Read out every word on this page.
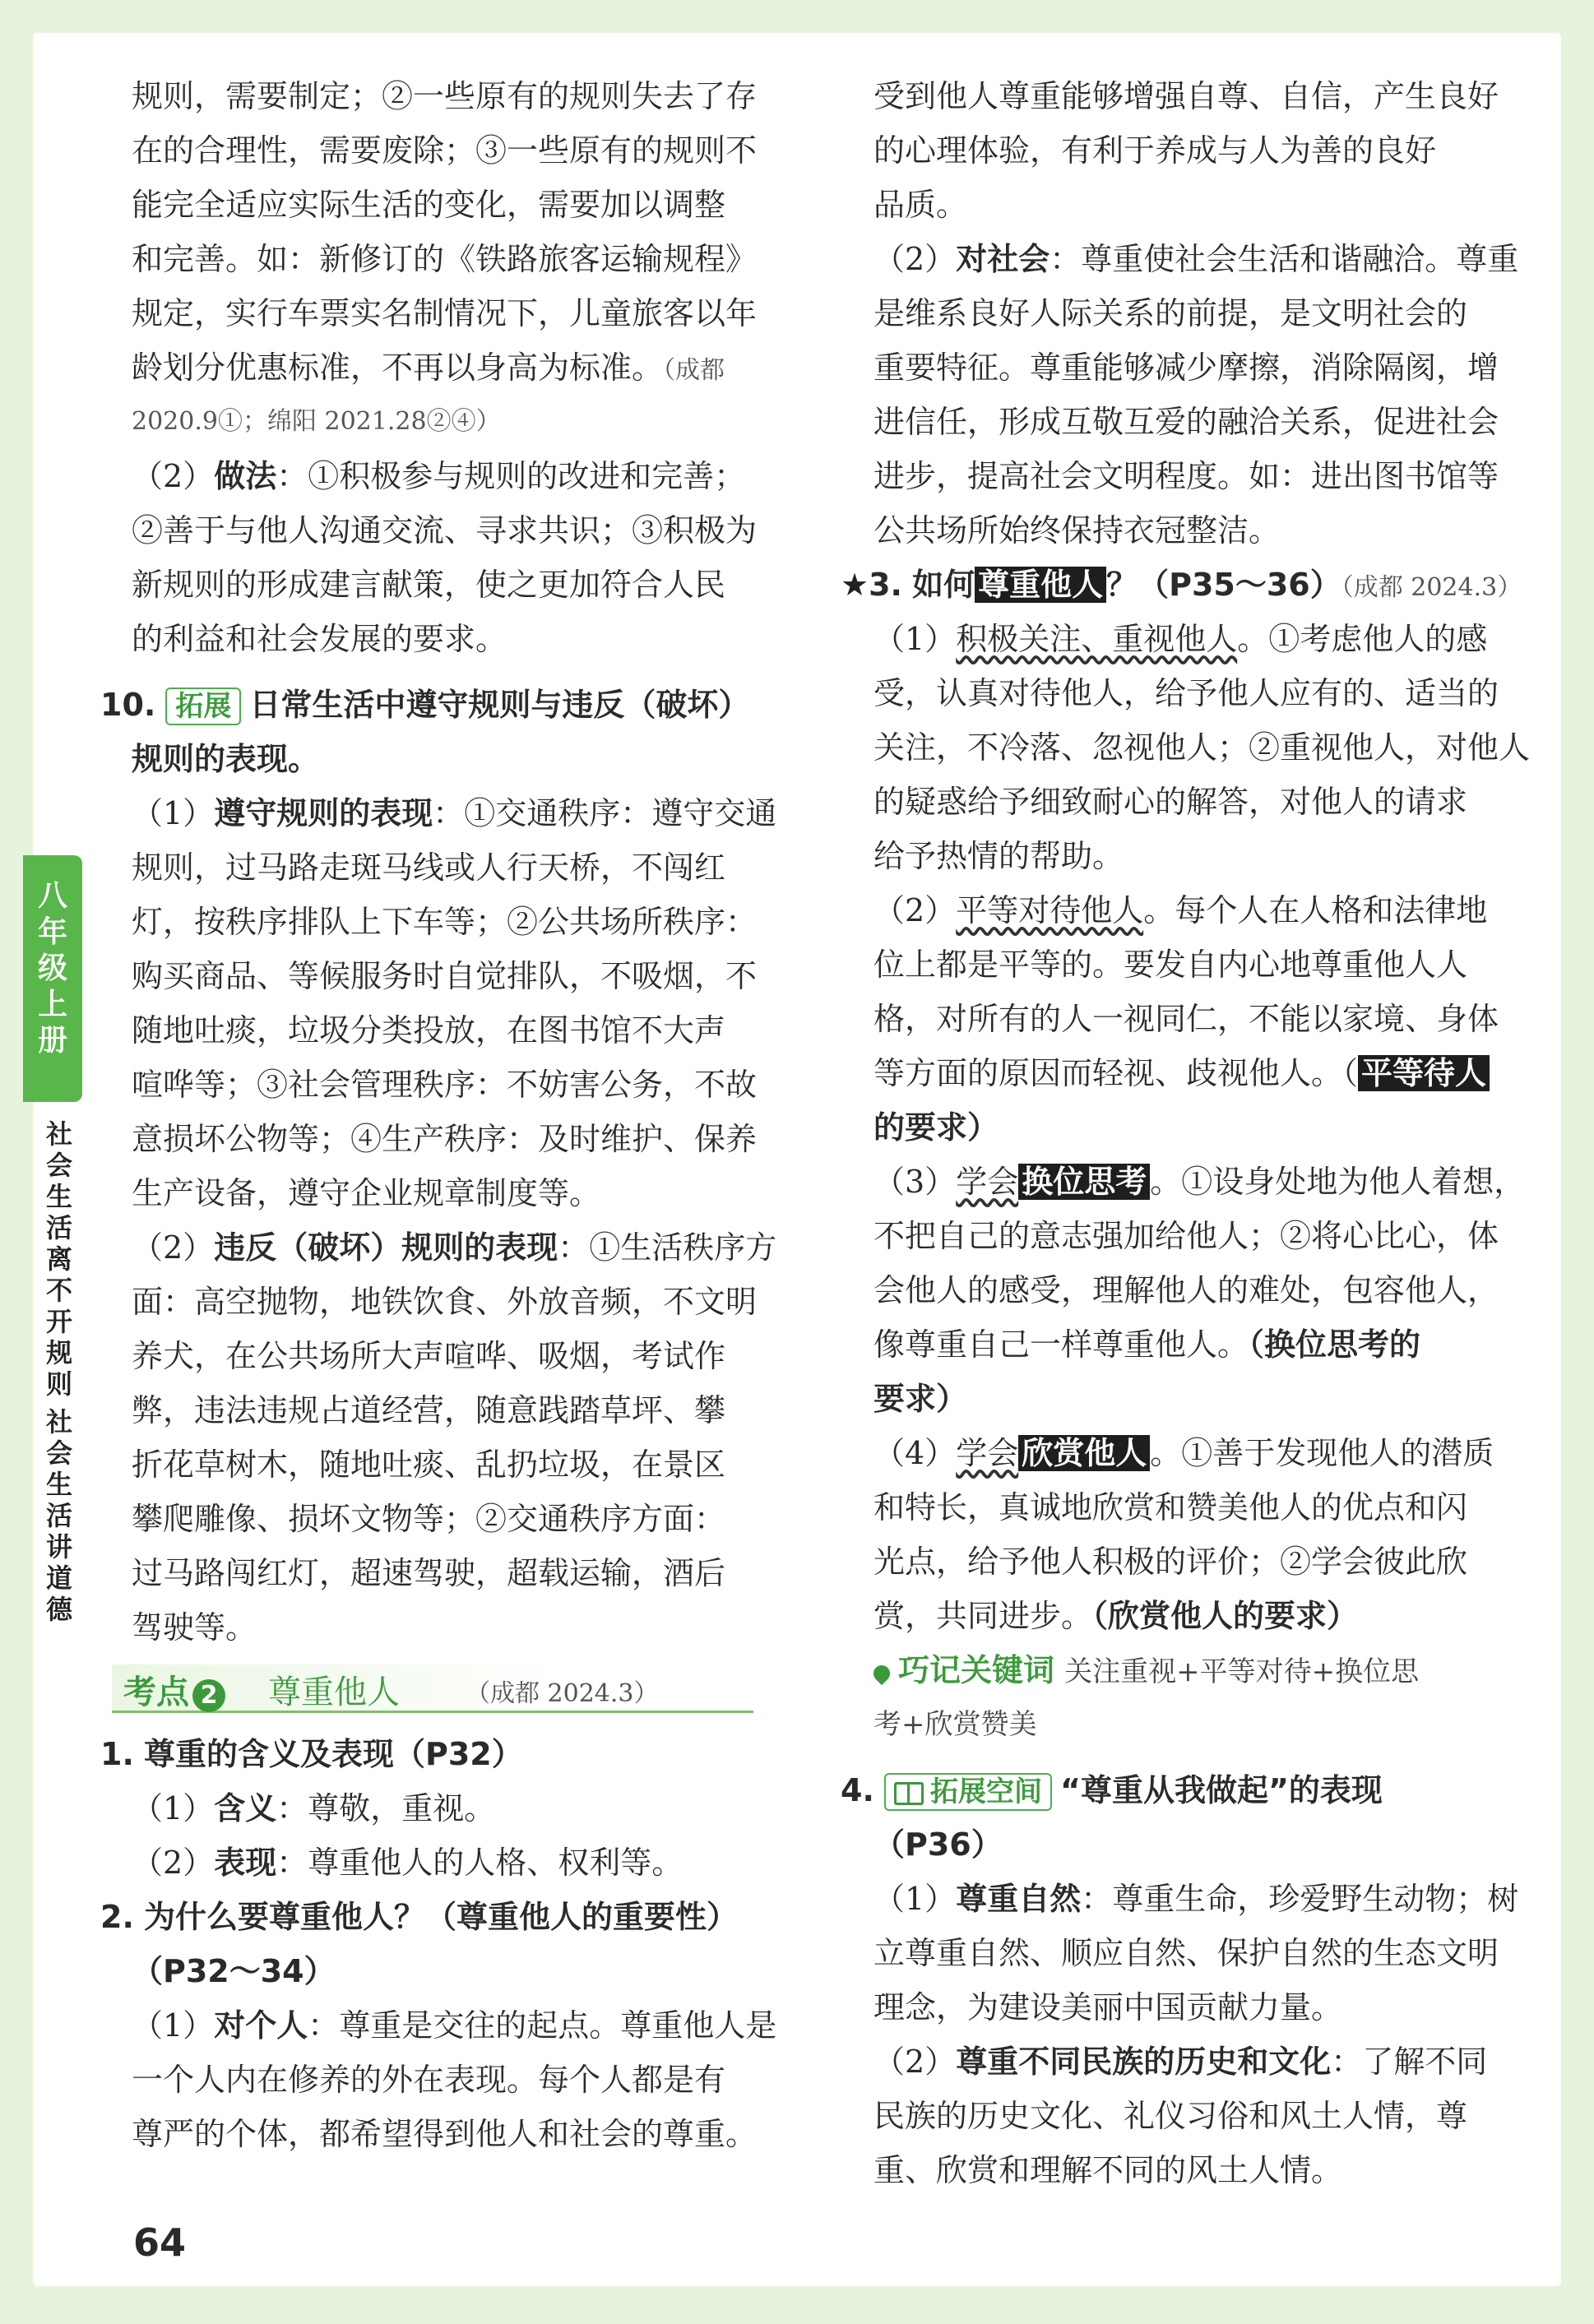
八年级上册
社会生活离不开规则
社会生活讲道德
规则，需要制定；②一些原有的规则失去了存
在的合理性，需要废除；③一些原有的规则不
能完全适应实际生活的变化，需要加以调整
和完善。如：新修订的《铁路旅客运输规程》
规定，实行车票实名制情况下，儿童旅客以年
龄划分优惠标准，不再以身高为标准。（成都
2020.9①；绵阳 2021.28②④）
（2）做法：①积极参与规则的改进和完善；
②善于与他人沟通交流、寻求共识；③积极为
新规则的形成建言献策，使之更加符合人民
的利益和社会发展的要求。
10. 拓展 日常生活中遵守规则与违反（破坏）
规则的表现。
（1）遵守规则的表现：①交通秩序：遵守交通
规则，过马路走斑马线或人行天桥，不闯红
灯，按秩序排队上下车等；②公共场所秩序：
购买商品、等候服务时自觉排队，不吸烟，不
随地吐痰，垃圾分类投放，在图书馆不大声
喧哗等；③社会管理秩序：不妨害公务，不故
意损坏公物等；④生产秩序：及时维护、保养
生产设备，遵守企业规章制度等。
（2）违反（破坏）规则的表现：①生活秩序方
面：高空抛物，地铁饮食、外放音频，不文明
养犬，在公共场所大声喧哗、吸烟，考试作
弊，违法违规占道经营，随意践踏草坪、攀
折花草树木，随地吐痰、乱扔垃圾，在景区
攀爬雕像、损坏文物等；②交通秩序方面：
过马路闯红灯，超速驾驶，超载运输，酒后
驾驶等。
考点 2 尊重他人	（成都 2024.3）
1. 尊重的含义及表现（P32）
（1）含义：尊敬，重视。
（2）表现：尊重他人的人格、权利等。
2. 为什么要尊重他人？（尊重他人的重要性）
（P32～34）
（1）对个人：尊重是交往的起点。尊重他人是
一个人内在修养的外在表现。每个人都是有
尊严的个体，都希望得到他人和社会的尊重。
受到他人尊重能够增强自尊、自信，产生良好
的心理体验，有利于养成与人为善的良好
品质。
（2）对社会：尊重使社会生活和谐融洽。尊重
是维系良好人际关系的前提，是文明社会的
重要特征。尊重能够减少摩擦，消除隔阂，增
进信任，形成互敬互爱的融洽关系，促进社会
进步，提高社会文明程度。如：进出图书馆等
公共场所始终保持衣冠整洁。
★3. 如何 尊重他人 ？（P35～36）（成都 2024.3）
（1）积极关注、重视他人。①考虑他人的感
受，认真对待他人，给予他人应有的、适当的
关注，不冷落、忽视他人；②重视他人，对他人
的疑惑给予细致耐心的解答，对他人的请求
给予热情的帮助。
（2）平等对待他人。每个人在人格和法律地
位上都是平等的。要发自内心地尊重他人人
格，对所有的人一视同仁，不能以家境、身体
等方面的原因而轻视、歧视他人。（ 平等待人
的要求）
（3）学会 换位思考 。①设身处地为他人着想，
不把自己的意志强加给他人；②将心比心，体
会他人的感受，理解他人的难处，包容他人，
像尊重自己一样尊重他人。（换位思考的
要求）
（4）学会 欣赏他人 。①善于发现他人的潜质
和特长，真诚地欣赏和赞美他人的优点和闪
光点，给予他人积极的评价；②学会彼此欣
赏，共同进步。（欣赏他人的要求）
巧记关键词 关注重视+平等对待+换位思
考+欣赏赞美
4. 拓展空间 “尊重从我做起”的表现
（P36）
（1）尊重自然：尊重生命，珍爱野生动物；树
立尊重自然、顺应自然、保护自然的生态文明
理念，为建设美丽中国贡献力量。
（2）尊重不同民族的历史和文化：了解不同
民族的历史文化、礼仪习俗和风土人情，尊
重、欣赏和理解不同的风土人情。
64
